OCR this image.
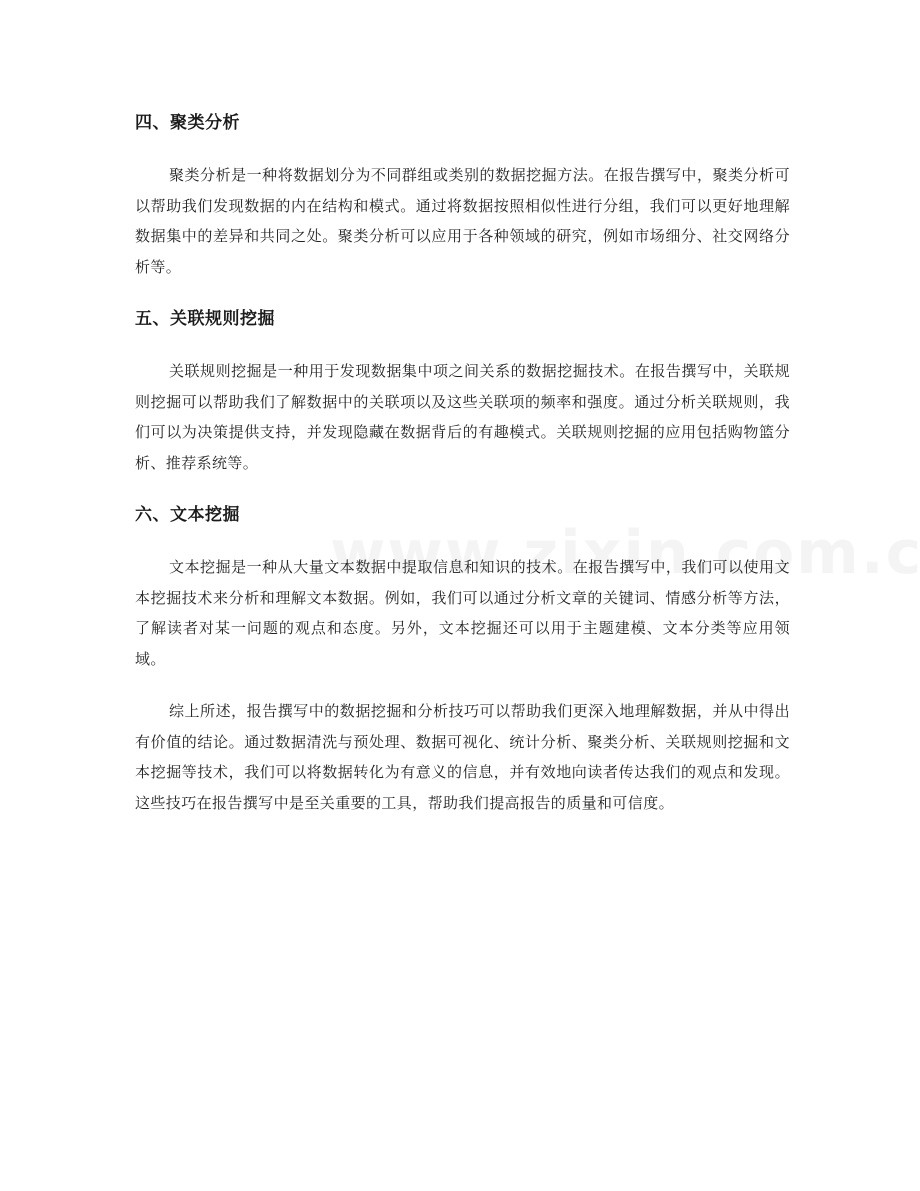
四、聚类分析

聚类分析是一种将数据划分为不同群组或类别的数据挖掘方法。在报告撰写中，聚类分析可以帮助我们发现数据的内在结构和模式。通过将数据按照相似性进行分组，我们可以更好地理解数据集中的差异和共同之处。聚类分析可以应用于各种领域的研究，例如市场细分、社交网络分析等。

五、关联规则挖掘

关联规则挖掘是一种用于发现数据集中项之间关系的数据挖掘技术。在报告撰写中，关联规则挖掘可以帮助我们了解数据中的关联项以及这些关联项的频率和强度。通过分析关联规则，我们可以为决策提供支持，并发现隐藏在数据背后的有趣模式。关联规则挖掘的应用包括购物篮分析、推荐系统等。

六、文本挖掘

文本挖掘是一种从大量文本数据中提取信息和知识的技术。在报告撰写中，我们可以使用文本挖掘技术来分析和理解文本数据。例如，我们可以通过分析文章的关键词、情感分析等方法，了解读者对某一问题的观点和态度。另外，文本挖掘还可以用于主题建模、文本分类等应用领域。

综上所述，报告撰写中的数据挖掘和分析技巧可以帮助我们更深入地理解数据，并从中得出有价值的结论。通过数据清洗与预处理、数据可视化、统计分析、聚类分析、关联规则挖掘和文本挖掘等技术，我们可以将数据转化为有意义的信息，并有效地向读者传达我们的观点和发现。这些技巧在报告撰写中是至关重要的工具，帮助我们提高报告的质量和可信度。
